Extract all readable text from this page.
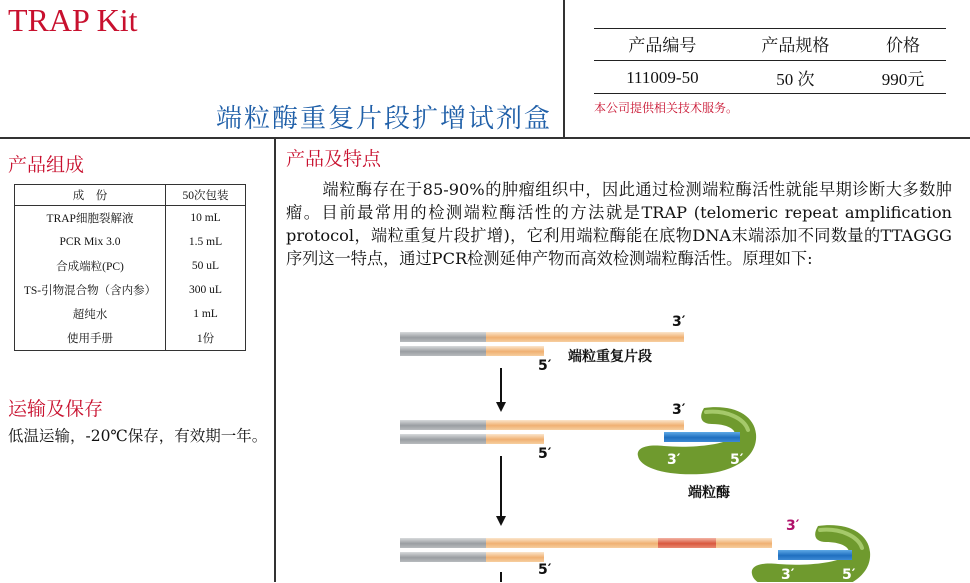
TRAP Kit
端粒酶重复片段扩增试剂盒
产品编号	产品规格	价格
111009-50	50 次	990元
本公司提供相关技术服务。
产品组成
成　份	50次包装
TRAP细胞裂解液	10 mL
PCR Mix 3.0	1.5 mL
合成端粒(PC)	50 uL
TS-引物混合物（含内参）	300 uL
超纯水	1 mL
使用手册	1份
运输及保存
低温运输，-20℃保存，有效期一年。
产品及特点
端粒酶存在于85-90%的肿瘤组织中，因此通过检测端粒酶活性就能早期诊断大多数肿瘤。目前最常用的检测端粒酶活性的方法就是TRAP (telomeric repeat amplification protocol，端粒重复片段扩增)，它利用端粒酶能在底物DNA末端添加不同数量的TTAGGG序列这一特点，通过PCR检测延伸产物而高效检测端粒酶活性。原理如下:
3′
5′
端粒重复片段
3′
5′	3′	5′
端粒酶
3′
5′	3′	5′
